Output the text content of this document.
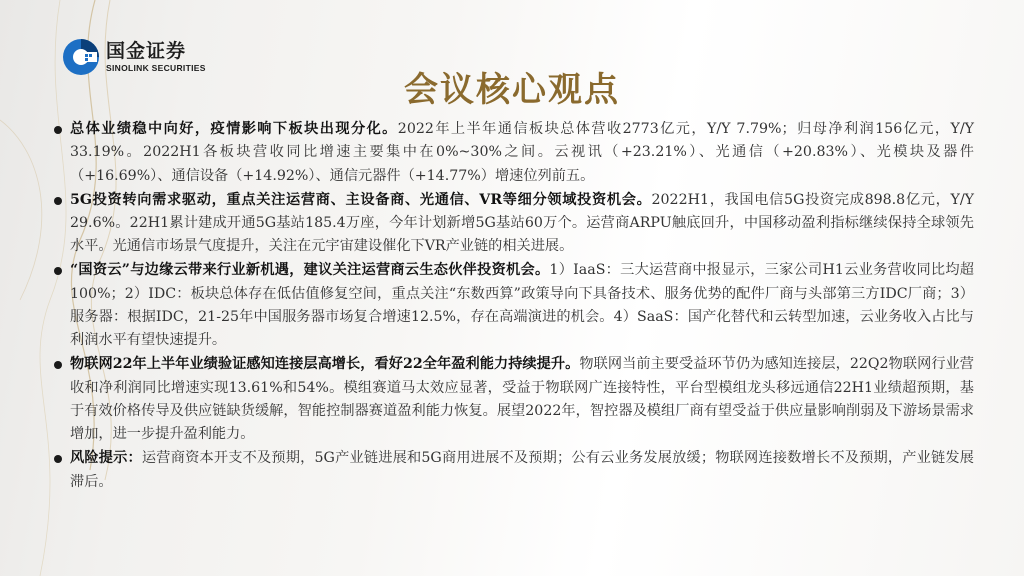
国金证券
SINOLINK SECURITIES
会议核心观点
总体业绩稳中向好，疫情影响下板块出现分化。2022年上半年通信板块总体营收2773亿元，Y/Y 7.79%；归母净利润156亿元，Y/Y 33.19%。2022H1各板块营收同比增速主要集中在0%~30%之间。云视讯（+23.21%）、光通信（+20.83%）、光模块及器件（+16.69%）、通信设备（+14.92%）、通信元器件（+14.77%）增速位列前五。
5G投资转向需求驱动，重点关注运营商、主设备商、光通信、VR等细分领域投资机会。2022H1，我国电信5G投资完成898.8亿元，Y/Y 29.6%。22H1累计建成开通5G基站185.4万座，今年计划新增5G基站60万个。运营商ARPU触底回升，中国移动盈利指标继续保持全球领先水平。光通信市场景气度提升，关注在元宇宙建设催化下VR产业链的相关进展。
“国资云”与边缘云带来行业新机遇，建议关注运营商云生态伙伴投资机会。1）IaaS：三大运营商中报显示，三家公司H1云业务营收同比均超100%；2）IDC：板块总体存在低估值修复空间，重点关注“东数西算”政策导向下具备技术、服务优势的配件厂商与头部第三方IDC厂商；3）服务器：根据IDC，21-25年中国服务器市场复合增速12.5%，存在高端演进的机会。4）SaaS：国产化替代和云转型加速，云业务收入占比与利润水平有望快速提升。
物联网22年上半年业绩验证感知连接层高增长，看好22全年盈利能力持续提升。物联网当前主要受益环节仍为感知连接层，22Q2物联网行业营收和净利润同比增速实现13.61%和54%。模组赛道马太效应显著，受益于物联网广连接特性，平台型模组龙头移远通信22H1业绩超预期，基于有效价格传导及供应链缺货缓解，智能控制器赛道盈利能力恢复。展望2022年，智控器及模组厂商有望受益于供应量影响削弱及下游场景需求增加，进一步提升盈利能力。
风险提示：运营商资本开支不及预期，5G产业链进展和5G商用进展不及预期；公有云业务发展放缓；物联网连接数增长不及预期，产业链发展滞后。
